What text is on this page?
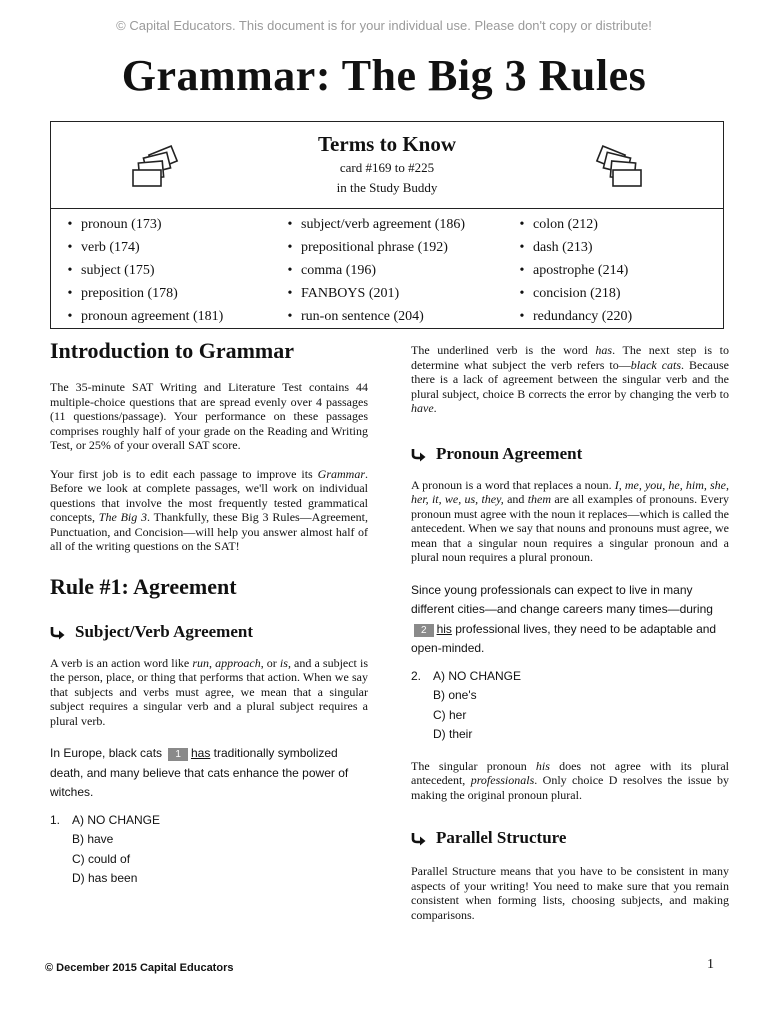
© Capital Educators. This document is for your individual use. Please don't copy or distribute!
Grammar: The Big 3 Rules
Terms to Know
card #169 to #225
in the Study Buddy
• pronoun (173)
• verb (174)
• subject (175)
• preposition (178)
• pronoun agreement (181)
• subject/verb agreement (186)
• prepositional phrase (192)
• comma (196)
• FANBOYS (201)
• run-on sentence (204)
• colon (212)
• dash (213)
• apostrophe (214)
• concision (218)
• redundancy (220)
Introduction to Grammar

The 35-minute SAT Writing and Literature Test contains 44 multiple-choice questions that are spread evenly over 4 passages (11 questions/passage). Your performance on these passages comprises roughly half of your grade on the Reading and Writing Test, or 25% of your overall SAT score.

Your first job is to edit each passage to improve its Grammar. Before we look at complete passages, we'll work on individual questions that involve the most frequently tested grammatical concepts, The Big 3. Thankfully, these Big 3 Rules—Agreement, Punctuation, and Concision—will help you answer almost half of all of the writing questions on the SAT!

Rule #1: Agreement
Subject/Verb Agreement

A verb is an action word like run, approach, or is, and a subject is the person, place, or thing that performs that action. When we say that subjects and verbs must agree, we mean that a singular subject requires a singular verb and a plural subject requires a plural verb.

In Europe, black cats 1 has traditionally symbolized death, and many believe that cats enhance the power of witches.
1. A) NO CHANGE
B) have
C) could of
D) has been

The underlined verb is the word has. The next step is to determine what subject the verb refers to—black cats. Because there is a lack of agreement between the singular verb and the plural subject, choice B corrects the error by changing the verb to have.

Pronoun Agreement

A pronoun is a word that replaces a noun. I, me, you, he, him, she, her, it, we, us, they, and them are all examples of pronouns. Every pronoun must agree with the noun it replaces—which is called the antecedent. When we say that nouns and pronouns must agree, we mean that a singular noun requires a singular pronoun and a plural noun requires a plural pronoun.

Since young professionals can expect to live in many different cities—and change careers many times—during 2 his professional lives, they need to be adaptable and open-minded.
2. A) NO CHANGE
B) one's
C) her
D) their

The singular pronoun his does not agree with its plural antecedent, professionals. Only choice D resolves the issue by making the original pronoun plural.

Parallel Structure

Parallel Structure means that you have to be consistent in many aspects of your writing! You need to make sure that you remain consistent when forming lists, choosing subjects, and making comparisons.

© December 2015 Capital Educators	1
